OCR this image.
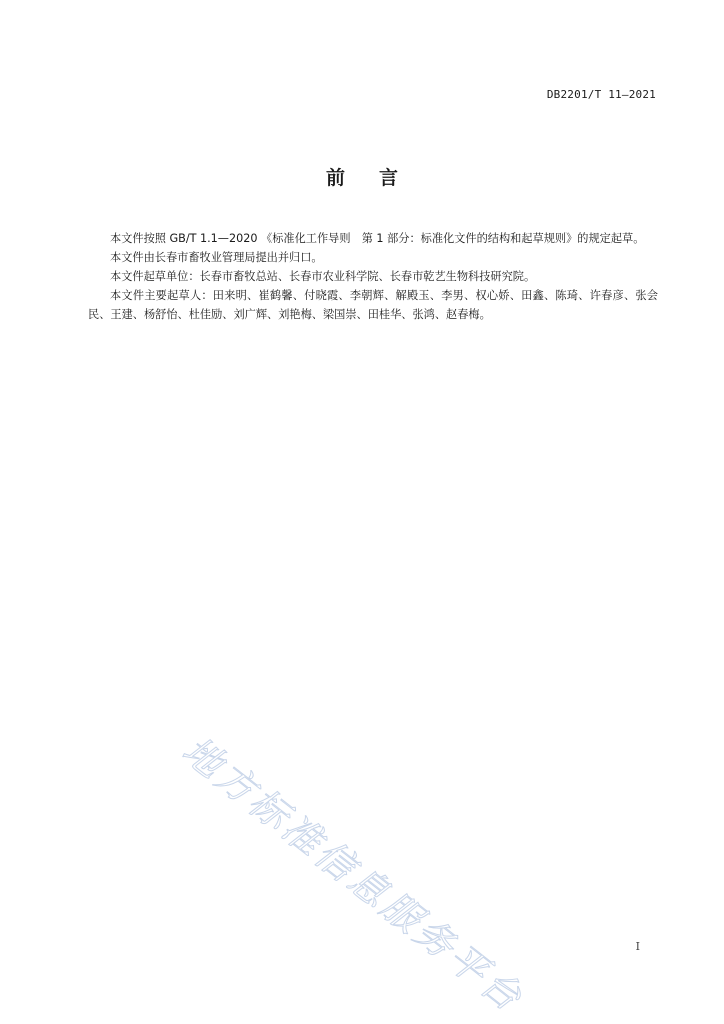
DB2201/T 11—2021
前言

本文件按照 GB/T 1.1—2020 《标准化工作导则　第 1 部分：标准化文件的结构和起草规则》的规定起草。

本文件由长春市畜牧业管理局提出并归口。

本文件起草单位：长春市畜牧总站、长春市农业科学院、长春市乾艺生物科技研究院。

本文件主要起草人：田来明、崔鹤馨、付晓霞、李朝辉、解殿玉、李男、权心娇、田鑫、陈琦、许春彦、张会民、王建、杨舒怡、杜佳励、刘广辉、刘艳梅、梁国崇、田桂华、张鸿、赵春梅。

地方标准信息服务平台	I
